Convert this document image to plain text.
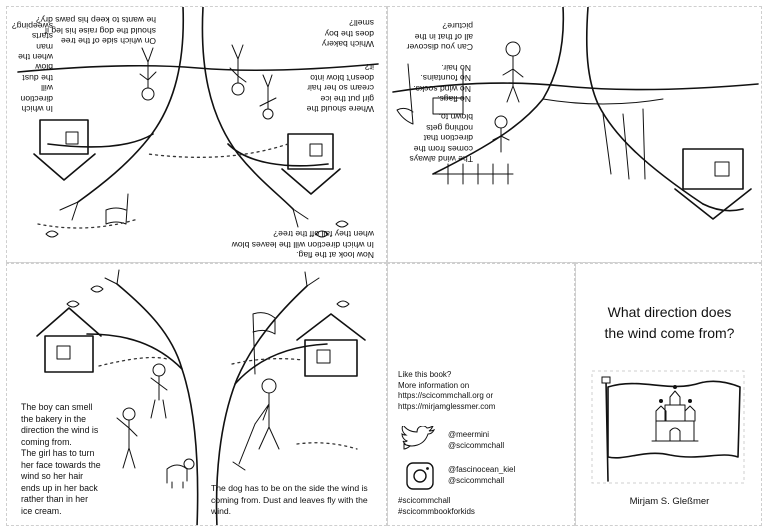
In which
direction will
the dust blow
when the man
starts
sweeping?
On which side of the tree
should the dog raise his leg if
he wants to keep his paws dry?
Where should the
girl put the ice
cream so her hair
doesn't blow into
it?
Which bakery
does the boy
smell?
Now look at the flag.
In which direction will the leaves blow
when they fall off the tree?
The wind always
comes from the
direction that
nothing gets
blown to.
No flags.
No wind socks.
No fountains.
No hair.
Can you discover
all of that in the
picture?
The boy can smell
the bakery in the
direction the wind is
coming from.
The girl has to turn
her face towards the
wind so her hair
ends up in her back
rather than in her
ice cream.
The dog has to be on the side the wind is
coming from. Dust and leaves fly with the
wind.
Like this book?
More information on
https://scicommchall.org or
https://mirjamglessmer.com
@meermini
@scicommchall
@fascinocean_kiel
@scicommchall
#scicommchall
#scicommbookforkids
What direction does
the wind come from?
Mirjam S. Gleßmer
